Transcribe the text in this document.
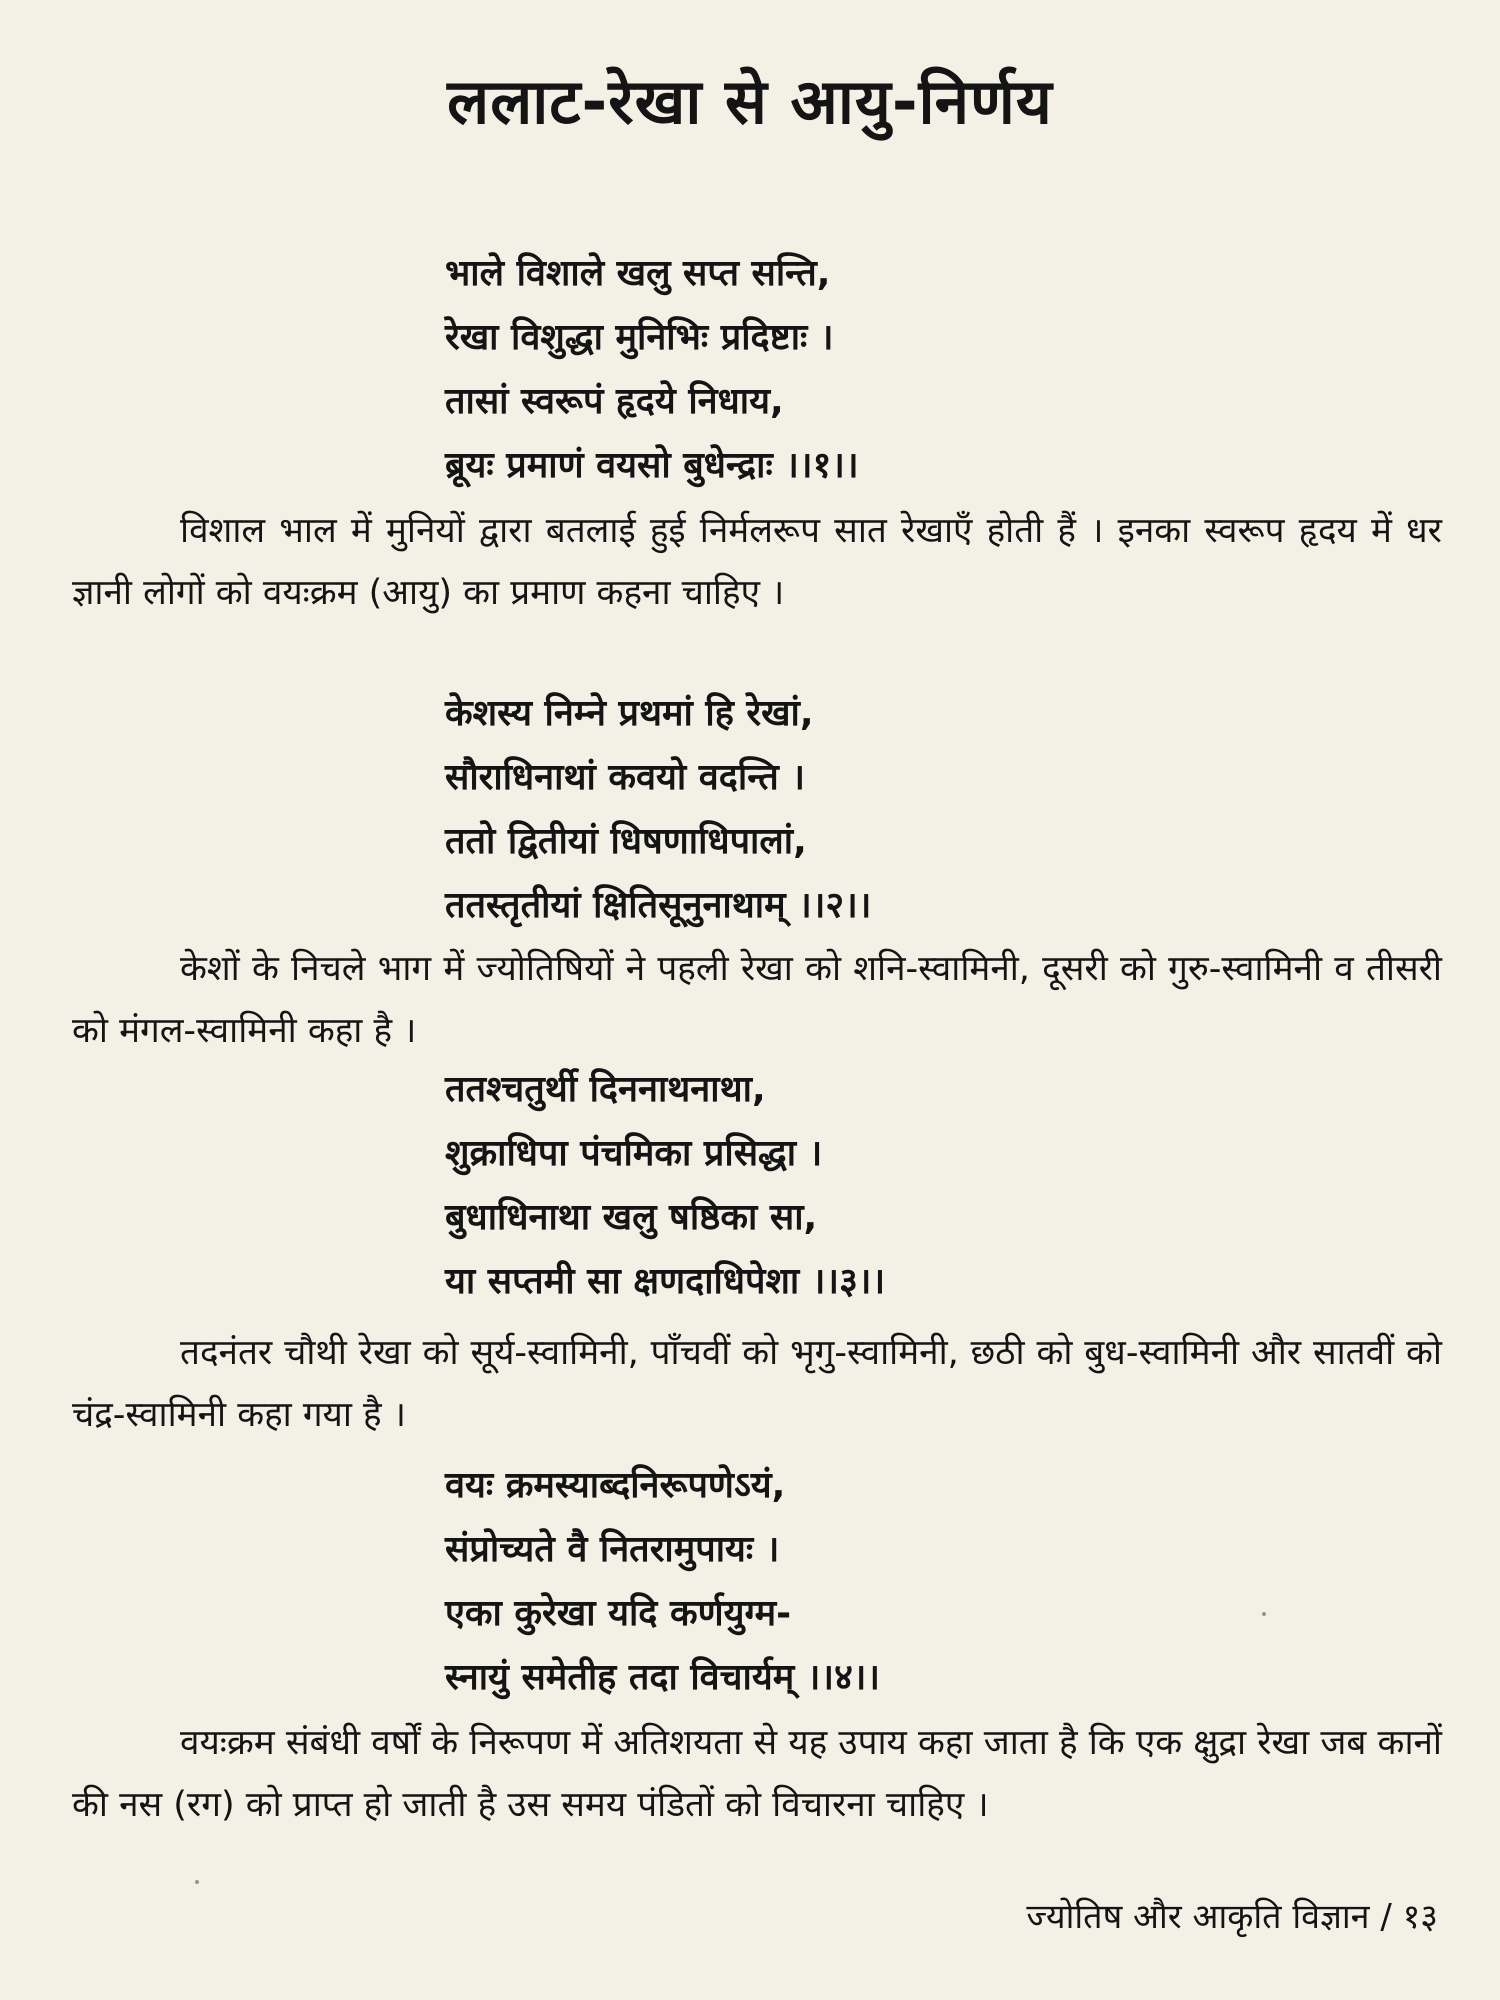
ललाट-रेखा से आयु-निर्णय
भाले विशाले खलु सप्त सन्ति,
रेखा विशुद्धा मुनिभिः प्रदिष्टाः ।
तासां स्वरूपं हृदये निधाय,
ब्रूयः प्रमाणं वयसो बुधेन्द्राः ।।१।।
विशाल भाल में मुनियों द्वारा बतलाई हुई निर्मलरूप सात रेखाएँ होती हैं । इनका स्वरूप हृदय में धर ज्ञानी लोगों को वयःक्रम (आयु) का प्रमाण कहना चाहिए ।
केशस्य निम्ने प्रथमां हि रेखां,
सौराधिनाथां कवयो वदन्ति ।
ततो द्वितीयां धिषणाधिपालां,
ततस्तृतीयां क्षितिसूनुनाथाम् ।।२।।
केशों के निचले भाग में ज्योतिषियों ने पहली रेखा को शनि-स्वामिनी, दूसरी को गुरु-स्वामिनी व तीसरी को मंगल-स्वामिनी कहा है ।
ततश्चतुर्थी दिननाथनाथा,
शुक्राधिपा पंचमिका प्रसिद्धा ।
बुधाधिनाथा खलु षष्ठिका सा,
या सप्तमी सा क्षणदाधिपेशा ।।३।।
तदनंतर चौथी रेखा को सूर्य-स्वामिनी, पाँचवीं को भृगु-स्वामिनी, छठी को बुध-स्वामिनी और सातवीं को चंद्र-स्वामिनी कहा गया है ।
वयः क्रमस्याब्दनिरूपणेऽयं,
संप्रोच्यते वै नितरामुपायः ।
एका कुरेखा यदि कर्णयुग्म-
स्नायुं समेतीह तदा विचार्यम् ।।४।।
वयःक्रम संबंधी वर्षों के निरूपण में अतिशयता से यह उपाय कहा जाता है कि एक क्षुद्रा रेखा जब कानों की नस (रग) को प्राप्त हो जाती है उस समय पंडितों को विचारना चाहिए ।
ज्योतिष और आकृति विज्ञान / १३
